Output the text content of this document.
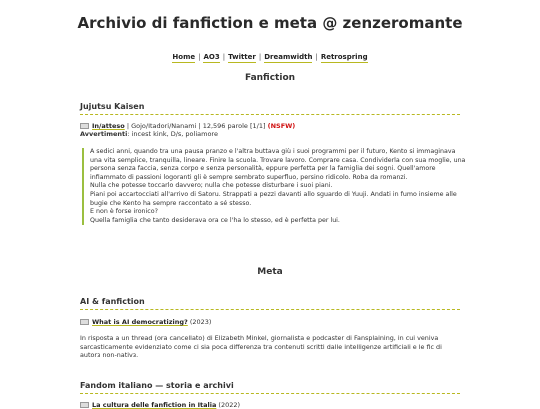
Archivio di fanfiction e meta @ zenzeromante
Home | AO3 | Twitter | Dreamwidth | Retrospring
Fanfiction
Jujutsu Kaisen
In/atteso | Gojo/Itadori/Nanami | 12,596 parole [1/1] (NSFW)
Avvertimenti: incest kink, D/s, poliamore

A sedici anni, quando tra una pausa pranzo e l'altra buttava giù i suoi programmi per il futuro, Kento si immaginava una vita semplice, tranquilla, lineare. Finire la scuola. Trovare lavoro. Comprare casa. Condividerla con sua moglie, una persona senza faccia, senza corpo e senza personalità, eppure perfetta per la famiglia dei sogni. Quell'amore infiammato di passioni logoranti gli è sempre sembrato superfluo, persino ridicolo. Roba da romanzi.

Nulla che potesse toccarlo davvero; nulla che potesse disturbare i suoi piani.

Piani poi accartocciati all'arrivo di Satoru. Strappati a pezzi davanti allo sguardo di Yuuji. Andati in fumo insieme alle bugie che Kento ha sempre raccontato a sé stesso.

E non è forse ironico?

Quella famiglia che tanto desiderava ora ce l'ha lo stesso, ed è perfetta per lui.

Meta
AI & fanfiction
What is AI democratizing? (2023)
In risposta a un thread (ora cancellato) di Elizabeth Minkel, giornalista e podcaster di Fansplaining, in cui veniva sarcasticamente evidenziato come ci sia poca differenza tra contenuti scritti dalle intelligenze artificiali e le fic di autorɜ non-nativɜ.
Fandom italiano — storia e archivi
La cultura delle fanfiction in Italia (2022)
